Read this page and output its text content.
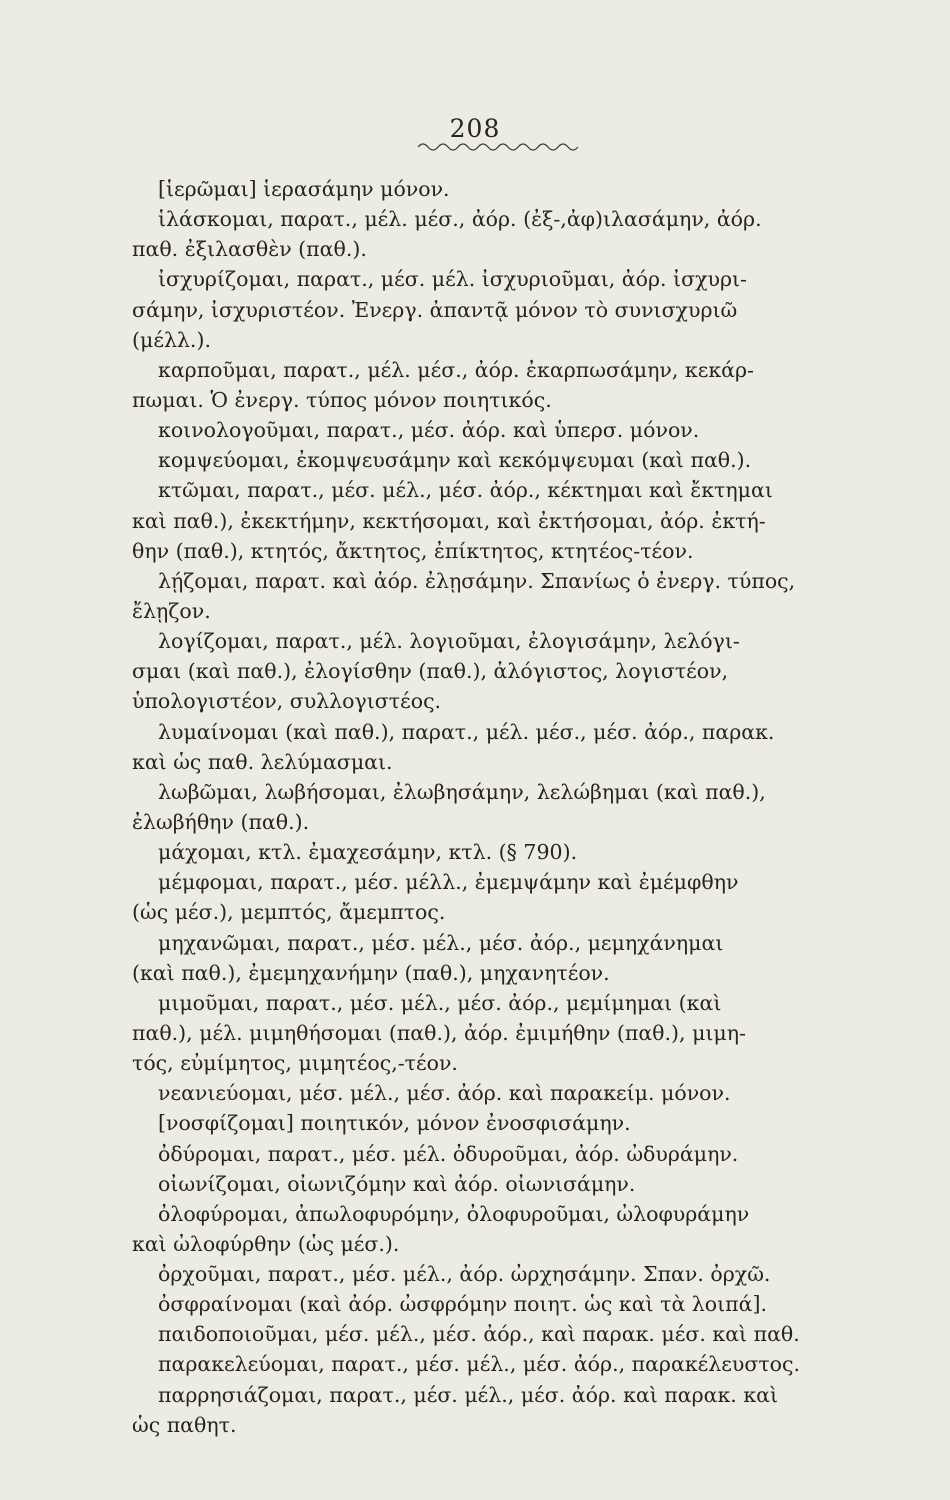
208
[ἱερῶμαι] ἱερασάμην μόνον.
ἱλάσκομαι, παρατ., μέλ. μέσ., ἀόρ. (ἐξ-,ἀφ)ιλασάμην, ἀόρ.
παθ. ἐξιλασθὲν (παθ.).
ἰσχυρίζομαι, παρατ., μέσ. μέλ. ἰσχυριοῦμαι, ἀόρ. ἰσχυρι-
σάμην, ἰσχυριστέον. Ἐνεργ. ἀπαντᾷ μόνον τὸ συνισχυριῶ
(μέλλ.).
καρποῦμαι, παρατ., μέλ. μέσ., ἀόρ. ἐκαρπωσάμην, κεκάρ-
πωμαι. Ὁ ἐνεργ. τύπος μόνον ποιητικός.
κοινολογοῦμαι, παρατ., μέσ. ἀόρ. καὶ ὑπερσ. μόνον.
κομψεύομαι, ἐκομψευσάμην καὶ κεκόμψευμαι (καὶ παθ.).
κτῶμαι, παρατ., μέσ. μέλ., μέσ. ἀόρ., κέκτημαι καὶ ἔκτημαι
καὶ παθ.), ἐκεκτήμην, κεκτήσομαι, καὶ ἐκτήσομαι, ἀόρ. ἐκτή-
θην (παθ.), κτητός, ἄκτητος, ἐπίκτητος, κτητέος-τέον.
λῄζομαι, παρατ. καὶ ἀόρ. ἐλῃσάμην. Σπανίως ὁ ἐνεργ. τύπος,
ἔλῃζον.
λογίζομαι, παρατ., μέλ. λογιοῦμαι, ἐλογισάμην, λελόγι-
σμαι (καὶ παθ.), ἐλογίσθην (παθ.), ἀλόγιστος, λογιστέον,
ὑπολογιστέον, συλλογιστέος.
λυμαίνομαι (καὶ παθ.), παρατ., μέλ. μέσ., μέσ. ἀόρ., παρακ.
καὶ ὡς παθ. λελύμασμαι.
λωβῶμαι, λωβήσομαι, ἐλωβησάμην, λελώβημαι (καὶ παθ.),
ἐλωβήθην (παθ.).
μάχομαι, κτλ. ἐμαχεσάμην, κτλ. (§ 790).
μέμφομαι, παρατ., μέσ. μέλλ., ἐμεμψάμην καὶ ἐμέμφθην
(ὡς μέσ.), μεμπτός, ἄμεμπτος.
μηχανῶμαι, παρατ., μέσ. μέλ., μέσ. ἀόρ., μεμηχάνημαι
(καὶ παθ.), ἐμεμηχανήμην (παθ.), μηχανητέον.
μιμοῦμαι, παρατ., μέσ. μέλ., μέσ. ἀόρ., μεμίμημαι (καὶ
παθ.), μέλ. μιμηθήσομαι (παθ.), ἀόρ. ἐμιμήθην (παθ.), μιμη-
τός, εὐμίμητος, μιμητέος,-τέον.
νεανιεύομαι, μέσ. μέλ., μέσ. ἀόρ. καὶ παρακείμ. μόνον.
[νοσφίζομαι] ποιητικόν, μόνον ἐνοσφισάμην.
ὀδύρομαι, παρατ., μέσ. μέλ. ὀδυροῦμαι, ἀόρ. ὠδυράμην.
οἰωνίζομαι, οἰωνιζόμην καὶ ἀόρ. οἰωνισάμην.
ὀλοφύρομαι, ἀπωλοφυρόμην, ὀλοφυροῦμαι, ὠλοφυράμην
καὶ ὠλοφύρθην (ὡς μέσ.).
ὀρχοῦμαι, παρατ., μέσ. μέλ., ἀόρ. ὠρχησάμην. Σπαν. ὀρχῶ.
ὀσφραίνομαι (καὶ ἀόρ. ὠσφρόμην ποιητ. ὡς καὶ τὰ λοιπά].
παιδοποιοῦμαι, μέσ. μέλ., μέσ. ἀόρ., καὶ παρακ. μέσ. καὶ παθ.
παρακελεύομαι, παρατ., μέσ. μέλ., μέσ. ἀόρ., παρακέλευστος.
παρρησιάζομαι, παρατ., μέσ. μέλ., μέσ. ἀόρ. καὶ παρακ. καὶ
ὡς παθητ.
